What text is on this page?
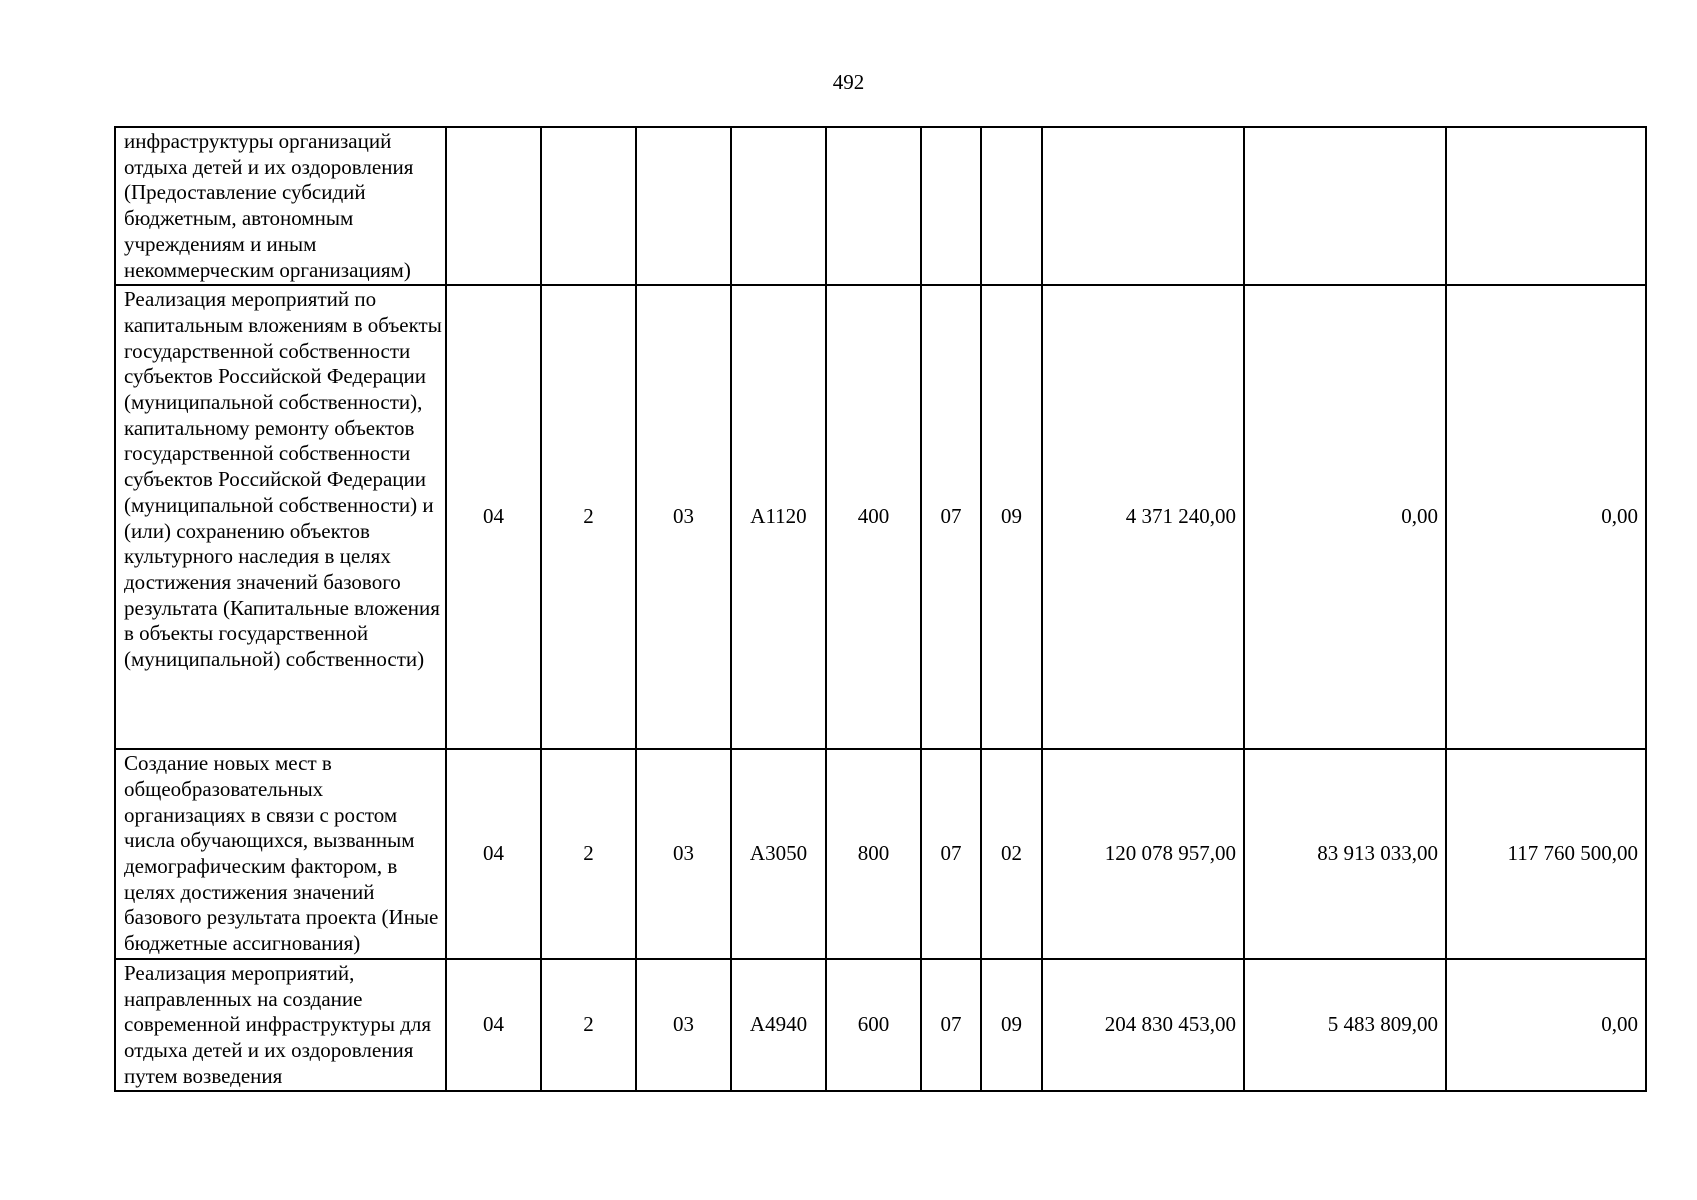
492
инфраструктуры организаций отдыха детей и их оздоровления (Предоставление субсидий бюджетным, автономным учреждениям и иным некоммерческим организациям)										
Реализация мероприятий по капитальным вложениям в объекты государственной собственности субъектов Российской Федерации (муниципальной собственности), капитальному ремонту объектов государственной собственности субъектов Российской Федерации (муниципальной собственности) и (или) сохранению объектов культурного наследия в целях достижения значений базового результата (Капитальные вложения в объекты государственной (муниципальной) собственности)	04	2	03	А1120	400	07	09	4 371 240,00	0,00	0,00
Создание новых мест в общеобразовательных организациях в связи с ростом числа обучающихся, вызванным демографическим фактором, в целях достижения значений базового результата проекта (Иные бюджетные ассигнования)	04	2	03	А3050	800	07	02	120 078 957,00	83 913 033,00	117 760 500,00
Реализация мероприятий, направленных на создание современной инфраструктуры для отдыха детей и их оздоровления путем возведения	04	2	03	А4940	600	07	09	204 830 453,00	5 483 809,00	0,00
